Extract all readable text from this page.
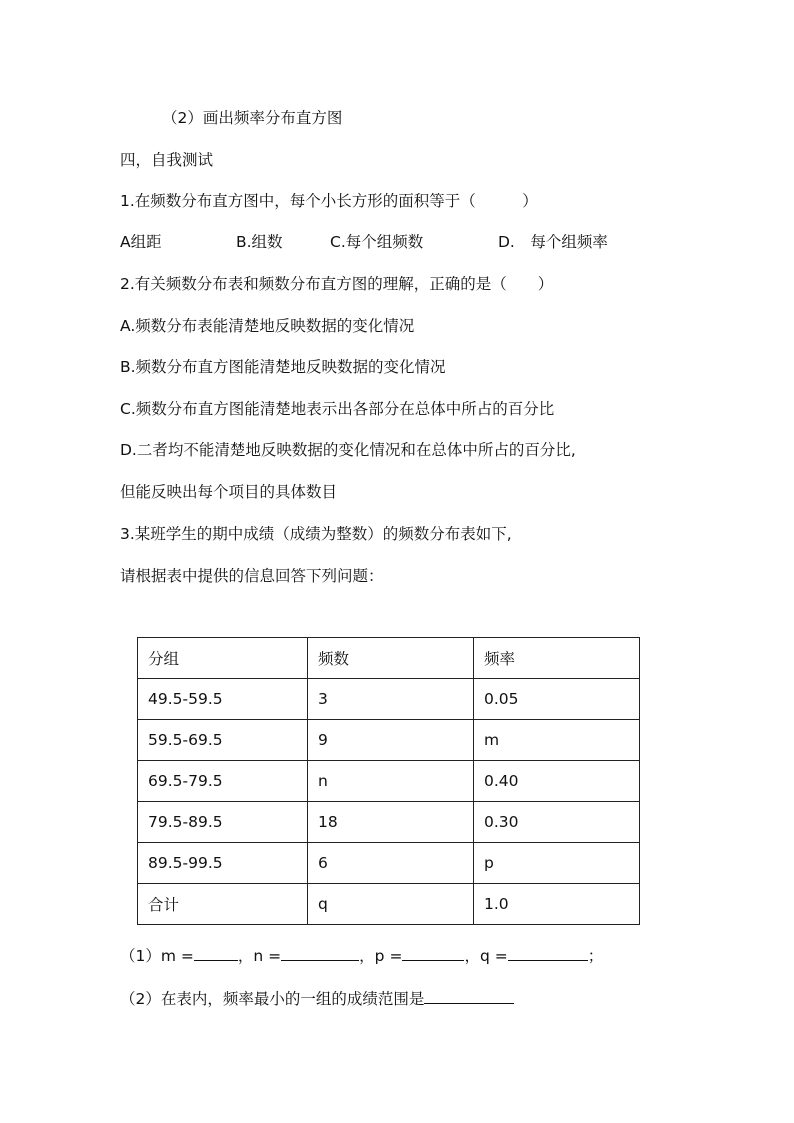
（2）画出频率分布直方图
四，自我测试
1.在频数分布直方图中，每个小长方形的面积等于（　　　）
A组距	B.组数	C.每个组频数	D.　每个组频率
2.有关频数分布表和频数分布直方图的理解，正确的是（　　）
A.频数分布表能清楚地反映数据的变化情况
B.频数分布直方图能清楚地反映数据的变化情况
C.频数分布直方图能清楚地表示出各部分在总体中所占的百分比
D.二者均不能清楚地反映数据的变化情况和在总体中所占的百分比,
但能反映出每个项目的具体数目
3.某班学生的期中成绩（成绩为整数）的频数分布表如下,
请根据表中提供的信息回答下列问题：
分组	频数	频率
49.5-59.5	3	0.05
59.5-69.5	9	m
69.5-79.5	n	0.40
79.5-89.5	18	0.30
89.5-99.5	6	p
合计	q	1.0
（1）m =	，n =	，p =	，q =	；
（2）在表内，频率最小的一组的成绩范围是
